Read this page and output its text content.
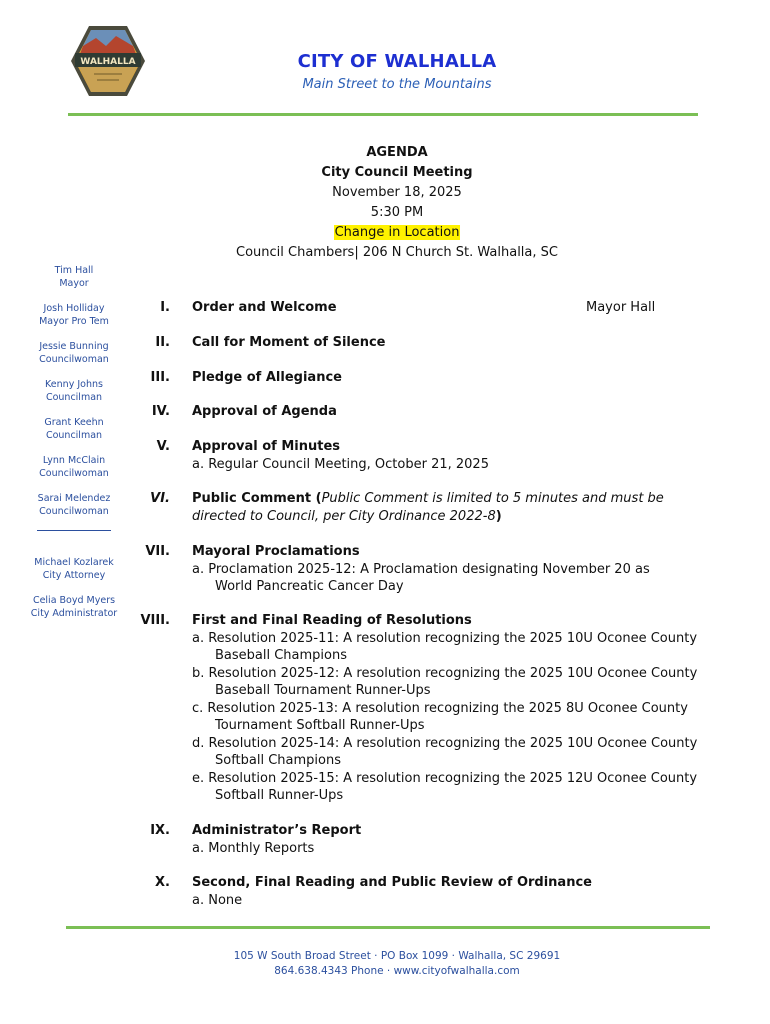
WALHALLA	CITY OF WALHALLA
Main Street to the Mountains
AGENDA
City Council Meeting
November 18, 2025
5:30 PM
Change in Location
Council Chambers| 206 N Church St. Walhalla, SC
Tim Hall
Mayor
Josh Holliday
Mayor Pro Tem
Jessie Bunning
Councilwoman
Kenny Johns
Councilman
Grant Keehn
Councilman
Lynn McClain
Councilwoman
Sarai Melendez
Councilwoman
Michael Kozlarek
City Attorney
Celia Boyd Myers
City Administrator
I. Order and Welcome	Mayor Hall
II. Call for Moment of Silence
III. Pledge of Allegiance
IV. Approval of Agenda
V. Approval of Minutes
a. Regular Council Meeting, October 21, 2025
VI. Public Comment (Public Comment is limited to 5 minutes and must be directed to Council, per City Ordinance 2022-8)
VII. Mayoral Proclamations
a. Proclamation 2025-12: A Proclamation designating November 20 as World Pancreatic Cancer Day
VIII. First and Final Reading of Resolutions
a. Resolution 2025-11: A resolution recognizing the 2025 10U Oconee County Baseball Champions
b. Resolution 2025-12: A resolution recognizing the 2025 10U Oconee County Baseball Tournament Runner-Ups
c. Resolution 2025-13: A resolution recognizing the 2025 8U Oconee County Tournament Softball Runner-Ups
d. Resolution 2025-14: A resolution recognizing the 2025 10U Oconee County Softball Champions
e. Resolution 2025-15: A resolution recognizing the 2025 12U Oconee County Softball Runner-Ups
IX. Administrator’s Report
a. Monthly Reports
X. Second, Final Reading and Public Review of Ordinance
a. None
105 W South Broad Street · PO Box 1099 · Walhalla, SC 29691
864.638.4343 Phone · www.cityofwalhalla.com
